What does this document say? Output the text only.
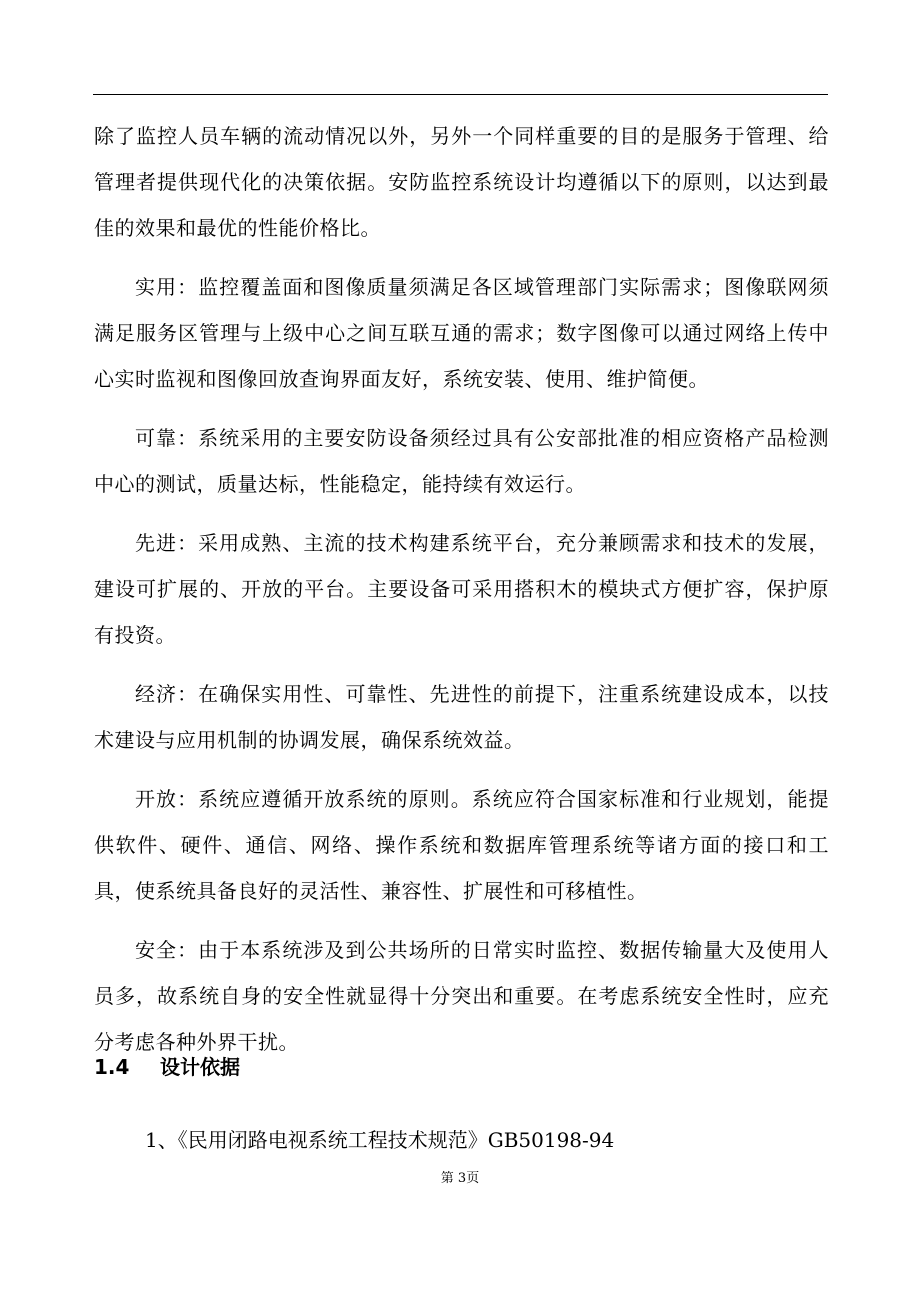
除了监控人员车辆的流动情况以外，另外一个同样重要的目的是服务于管理、给管理者提供现代化的决策依据。安防监控系统设计均遵循以下的原则，以达到最佳的效果和最优的性能价格比。

实用：监控覆盖面和图像质量须满足各区域管理部门实际需求；图像联网须满足服务区管理与上级中心之间互联互通的需求；数字图像可以通过网络上传中心实时监视和图像回放查询界面友好，系统安装、使用、维护简便。

可靠：系统采用的主要安防设备须经过具有公安部批准的相应资格产品检测中心的测试，质量达标，性能稳定，能持续有效运行。

先进：采用成熟、主流的技术构建系统平台，充分兼顾需求和技术的发展，建设可扩展的、开放的平台。主要设备可采用搭积木的模块式方便扩容，保护原有投资。

经济：在确保实用性、可靠性、先进性的前提下，注重系统建设成本，以技术建设与应用机制的协调发展，确保系统效益。

开放：系统应遵循开放系统的原则。系统应符合国家标准和行业规划，能提供软件、硬件、通信、网络、操作系统和数据库管理系统等诸方面的接口和工具，使系统具备良好的灵活性、兼容性、扩展性和可移植性。

安全：由于本系统涉及到公共场所的日常实时监控、数据传输量大及使用人员多，故系统自身的安全性就显得十分突出和重要。在考虑系统安全性时，应充分考虑各种外界干扰。

1.4 设计依据
1、《民用闭路电视系统工程技术规范》GB50198-94
第 3页
